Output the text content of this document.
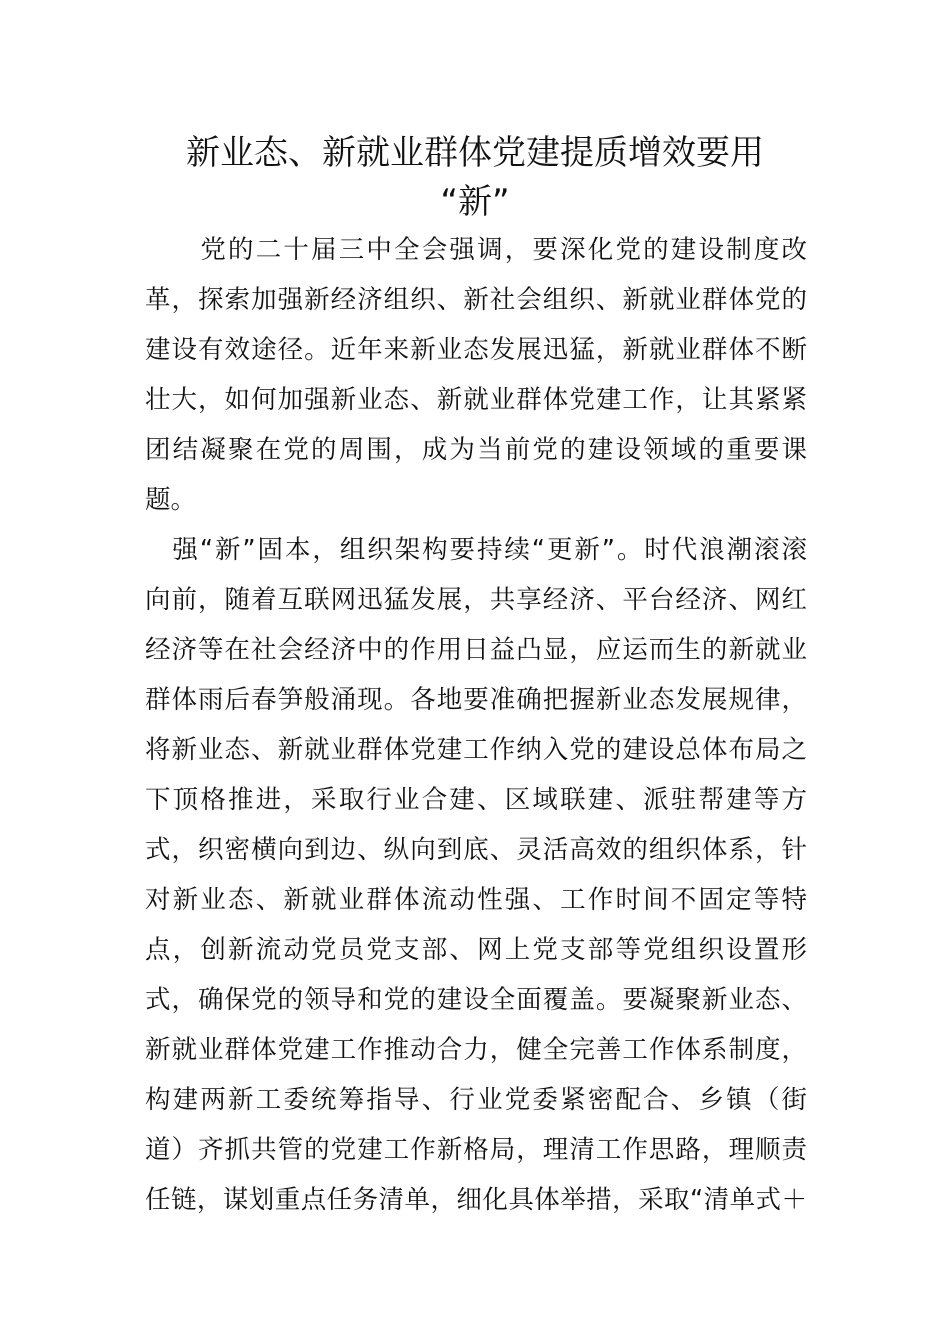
新业态、新就业群体党建提质增效要用
“新”
　　党的二十届三中全会强调，要深化党的建设制度改
革，探索加强新经济组织、新社会组织、新就业群体党的
建设有效途径。近年来新业态发展迅猛，新就业群体不断
壮大，如何加强新业态、新就业群体党建工作，让其紧紧
团结凝聚在党的周围，成为当前党的建设领域的重要课
题。
　强“新”固本，组织架构要持续“更新”。时代浪潮滚滚
向前，随着互联网迅猛发展，共享经济、平台经济、网红
经济等在社会经济中的作用日益凸显，应运而生的新就业
群体雨后春笋般涌现。各地要准确把握新业态发展规律，
将新业态、新就业群体党建工作纳入党的建设总体布局之
下顶格推进，采取行业合建、区域联建、派驻帮建等方
式，织密横向到边、纵向到底、灵活高效的组织体系，针
对新业态、新就业群体流动性强、工作时间不固定等特
点，创新流动党员党支部、网上党支部等党组织设置形
式，确保党的领导和党的建设全面覆盖。要凝聚新业态、
新就业群体党建工作推动合力，健全完善工作体系制度，
构建两新工委统筹指导、行业党委紧密配合、乡镇（街
道）齐抓共管的党建工作新格局，理清工作思路，理顺责
任链，谋划重点任务清单，细化具体举措，采取“清单式＋
